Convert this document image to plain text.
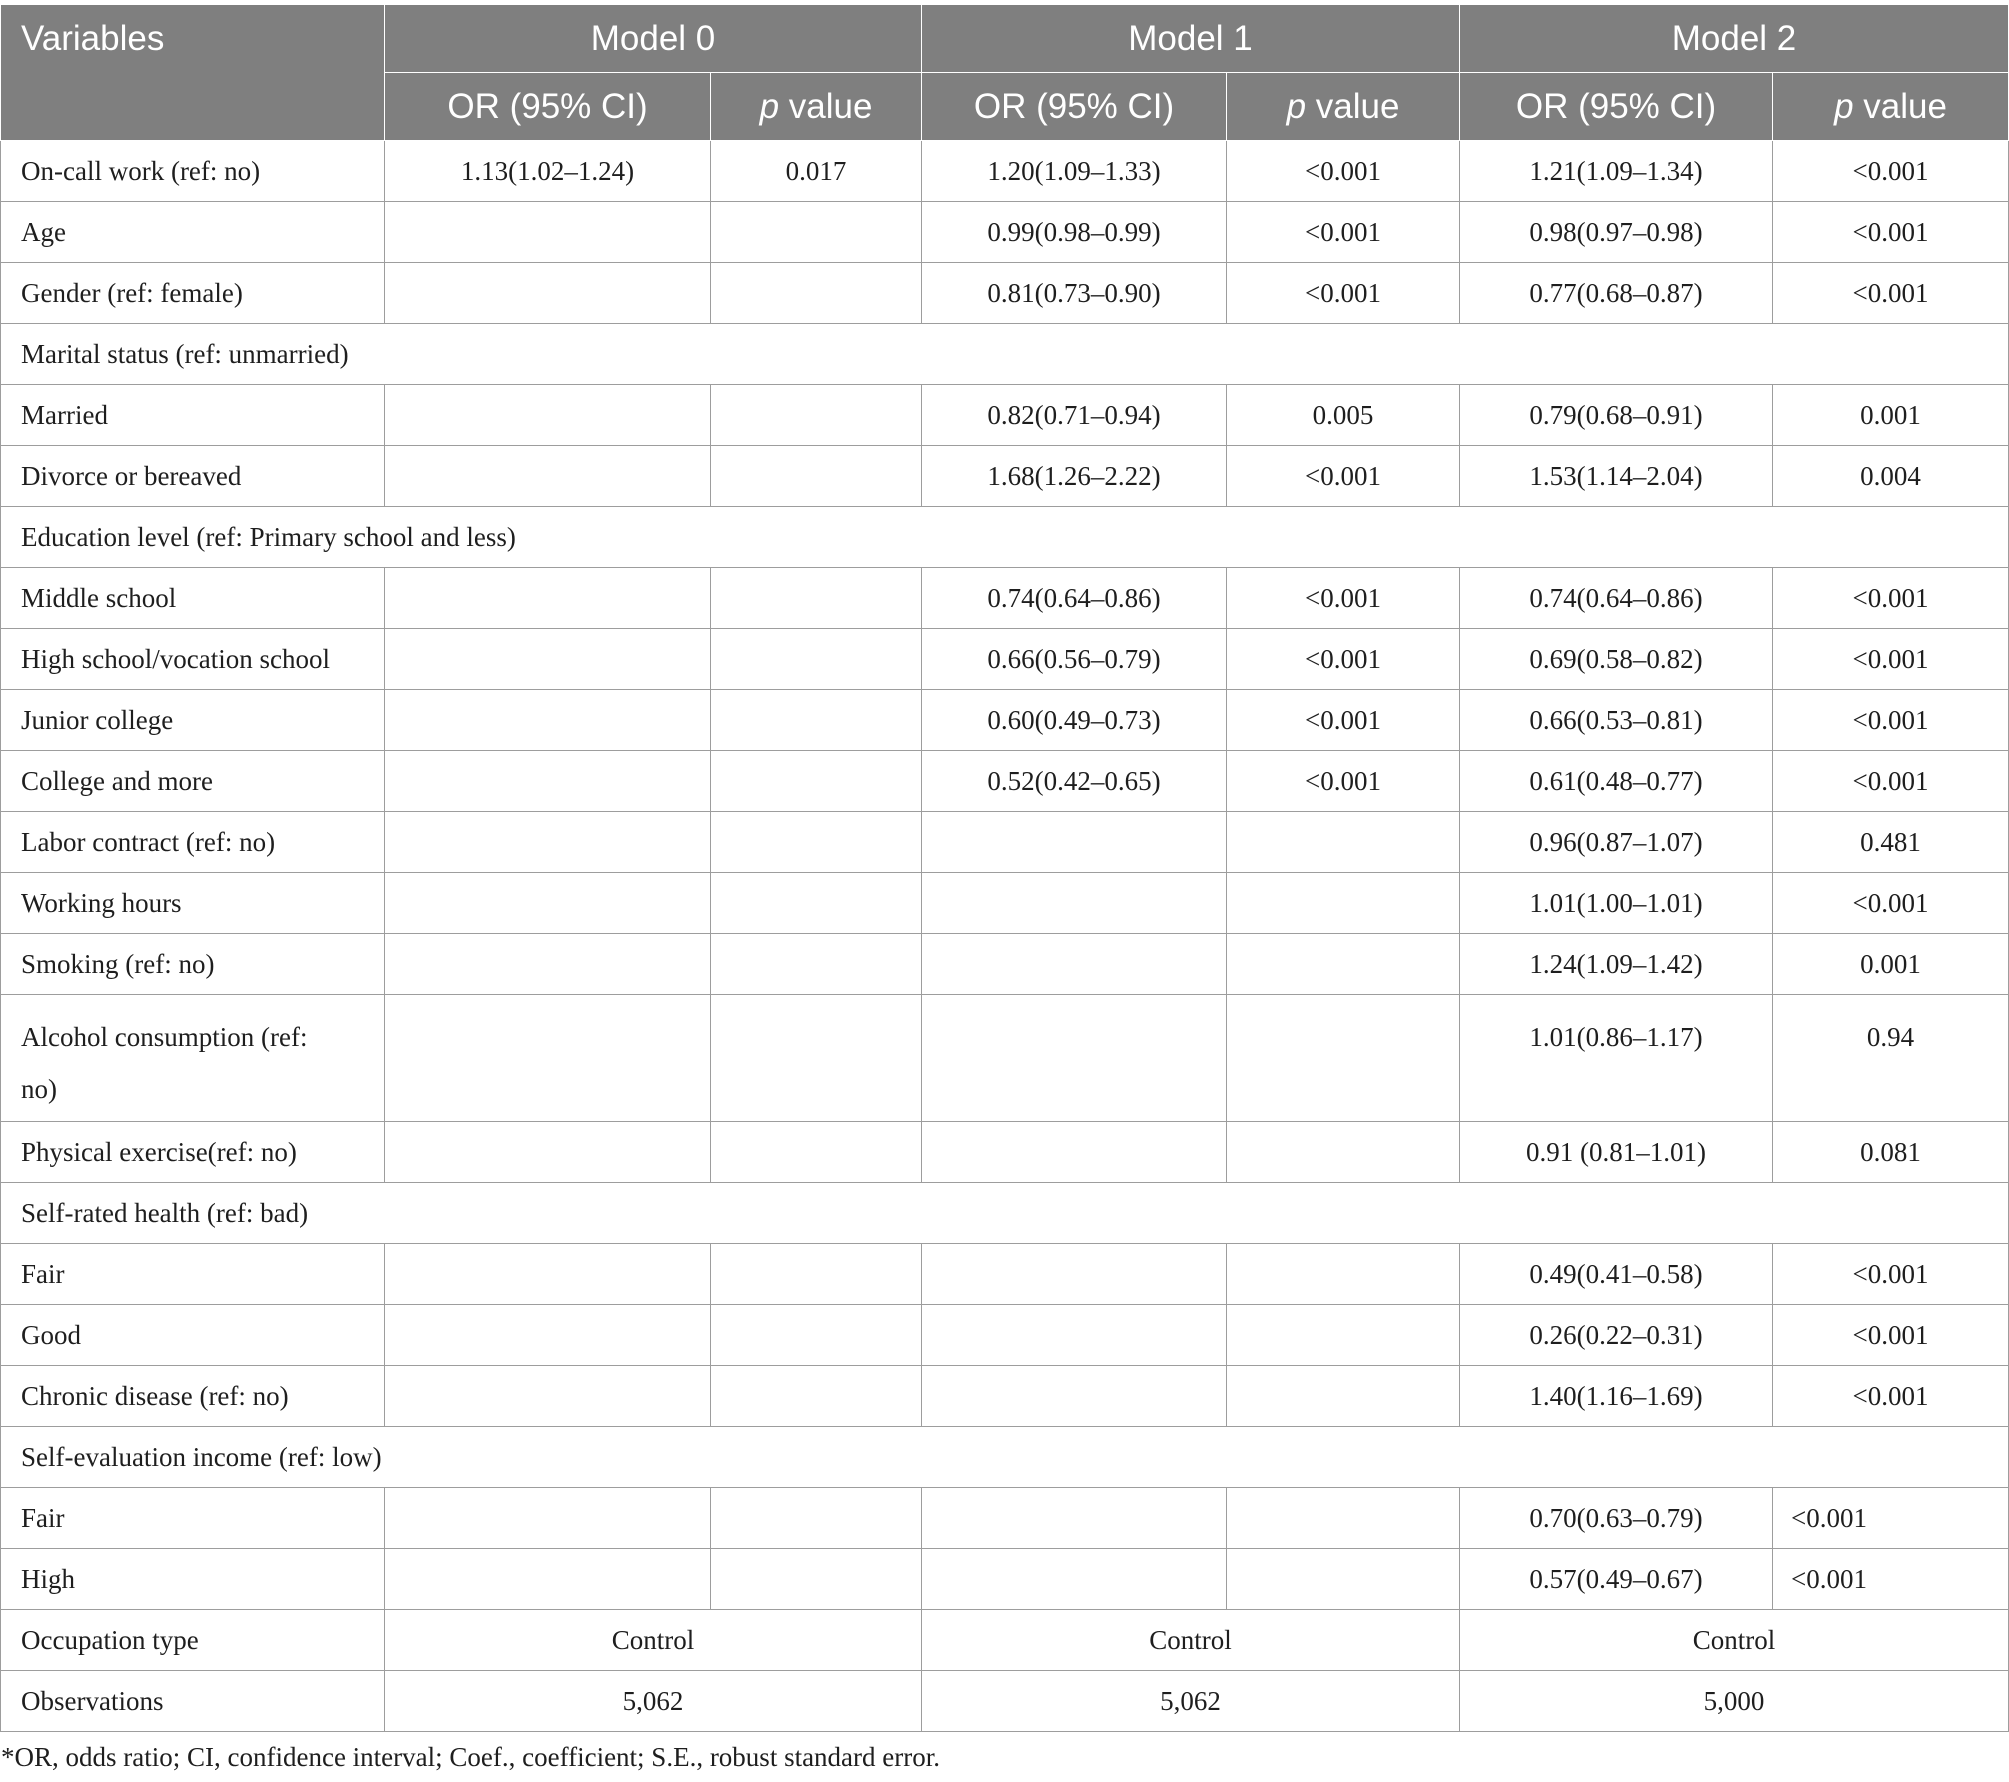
Variables	Model 0		Model 1		Model 2	
	OR (95% CI)	p value	OR (95% CI)	p value	OR (95% CI)	p value
On-call work (ref: no)	1.13(1.02–1.24)	0.017	1.20(1.09–1.33)	<0.001	1.21(1.09–1.34)	<0.001
Age			0.99(0.98–0.99)	<0.001	0.98(0.97–0.98)	<0.001
Gender (ref: female)			0.81(0.73–0.90)	<0.001	0.77(0.68–0.87)	<0.001
Marital status (ref: unmarried)						
Married			0.82(0.71–0.94)	0.005	0.79(0.68–0.91)	0.001
Divorce or bereaved			1.68(1.26–2.22)	<0.001	1.53(1.14–2.04)	0.004
Education level (ref: Primary school and less)						
Middle school			0.74(0.64–0.86)	<0.001	0.74(0.64–0.86)	<0.001
High school/vocation school			0.66(0.56–0.79)	<0.001	0.69(0.58–0.82)	<0.001
Junior college			0.60(0.49–0.73)	<0.001	0.66(0.53–0.81)	<0.001
College and more			0.52(0.42–0.65)	<0.001	0.61(0.48–0.77)	<0.001
Labor contract (ref: no)					0.96(0.87–1.07)	0.481
Working hours					1.01(1.00–1.01)	<0.001
Smoking (ref: no)					1.24(1.09–1.42)	0.001
Alcohol consumption (ref: no)					1.01(0.86–1.17)	0.94
Physical exercise(ref: no)					0.91 (0.81–1.01)	0.081
Self-rated health (ref: bad)						
Fair					0.49(0.41–0.58)	<0.001
Good					0.26(0.22–0.31)	<0.001
Chronic disease (ref: no)					1.40(1.16–1.69)	<0.001
Self-evaluation income (ref: low)						
Fair					0.70(0.63–0.79)	<0.001
High					0.57(0.49–0.67)	<0.001
Occupation type	Control		Control		Control	
Observations	5,062		5,062		5,000	
*OR, odds ratio; CI, confidence interval; Coef., coefficient; S.E., robust standard error.
